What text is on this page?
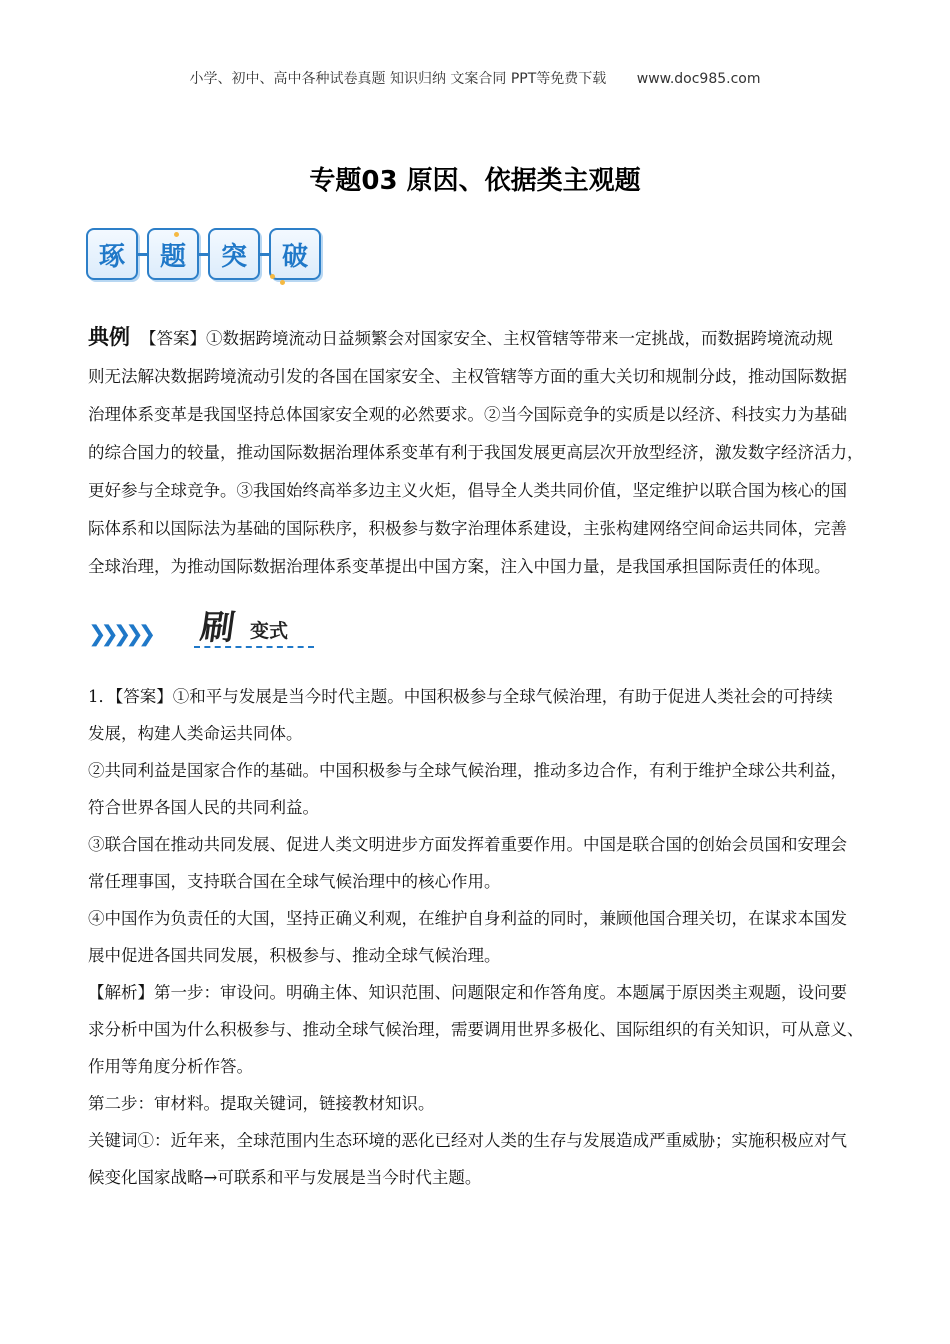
小学、初中、高中各种试卷真题 知识归纳 文案合同 PPT等免费下载 www.doc985.com
专题03 原因、依据类主观题
琢	题	突	破

典例 【答案】①数据跨境流动日益频繁会对国家安全、主权管辖等带来一定挑战，而数据跨境流动规

则无法解决数据跨境流动引发的各国在国家安全、主权管辖等方面的重大关切和规制分歧，推动国际数据

治理体系变革是我国坚持总体国家安全观的必然要求。②当今国际竞争的实质是以经济、科技实力为基础

的综合国力的较量，推动国际数据治理体系变革有利于我国发展更高层次开放型经济，激发数字经济活力，

更好参与全球竞争。③我国始终高举多边主义火炬，倡导全人类共同价值，坚定维护以联合国为核心的国

际体系和以国际法为基础的国际秩序，积极参与数字治理体系建设，主张构建网络空间命运共同体，完善

全球治理，为推动国际数据治理体系变革提出中国方案，注入中国力量，是我国承担国际责任的体现。

❯❯❯❯❯ 刷 变式

1．【答案】①和平与发展是当今时代主题。中国积极参与全球气候治理，有助于促进人类社会的可持续

发展，构建人类命运共同体。

②共同利益是国家合作的基础。中国积极参与全球气候治理，推动多边合作，有利于维护全球公共利益，

符合世界各国人民的共同利益。

③联合国在推动共同发展、促进人类文明进步方面发挥着重要作用。中国是联合国的创始会员国和安理会

常任理事国，支持联合国在全球气候治理中的核心作用。

④中国作为负责任的大国，坚持正确义利观，在维护自身利益的同时，兼顾他国合理关切，在谋求本国发

展中促进各国共同发展，积极参与、推动全球气候治理。

【解析】第一步：审设问。明确主体、知识范围、问题限定和作答角度。本题属于原因类主观题，设问要

求分析中国为什么积极参与、推动全球气候治理，需要调用世界多极化、国际组织的有关知识，可从意义、

作用等角度分析作答。

第二步：审材料。提取关键词，链接教材知识。

关键词①：近年来，全球范围内生态环境的恶化已经对人类的生存与发展造成严重威胁；实施积极应对气

候变化国家战略→可联系和平与发展是当今时代主题。
